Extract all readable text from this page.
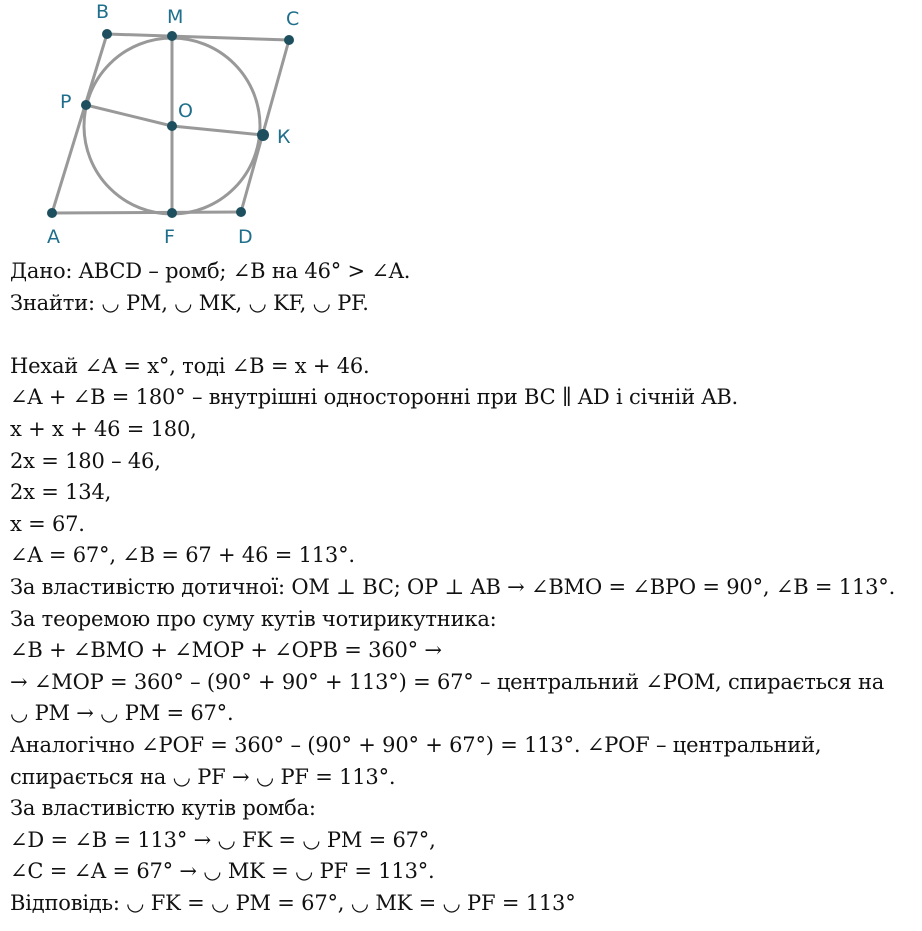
B	M	C
P	O
К
A	F	D
Дано: ABCD – ромб; ∠B на 46° > ∠A.
Знайти: ◡ PM, ◡ MK, ◡ KF, ◡ PF.
Нехай ∠A = x°, тоді ∠B = x + 46.
∠A + ∠B = 180° – внутрішні односторонні при BC ∥ AD і січній AB.
x + x + 46 = 180,
2x = 180 – 46,
2x = 134,
x = 67.
∠A = 67°, ∠B = 67 + 46 = 113°.
За властивістю дотичної: OM ⊥ BC; OP ⊥ AB → ∠BMO = ∠BPO = 90°, ∠B = 113°.
За теоремою про суму кутів чотирикутника:
∠B + ∠BMO + ∠MOP + ∠OPB = 360° →
→ ∠MOP = 360° – (90° + 90° + 113°) = 67° – центральний ∠POM, спирається на
◡ PM → ◡ PM = 67°.
Аналогічно ∠POF = 360° – (90° + 90° + 67°) = 113°. ∠POF – центральний,
спирається на ◡ PF → ◡ PF = 113°.
За властивістю кутів ромба:
∠D = ∠B = 113° → ◡ FK = ◡ PM = 67°,
∠C = ∠A = 67° → ◡ MK = ◡ PF = 113°.
Відповідь: ◡ FK = ◡ PM = 67°, ◡ MK = ◡ PF = 113°
